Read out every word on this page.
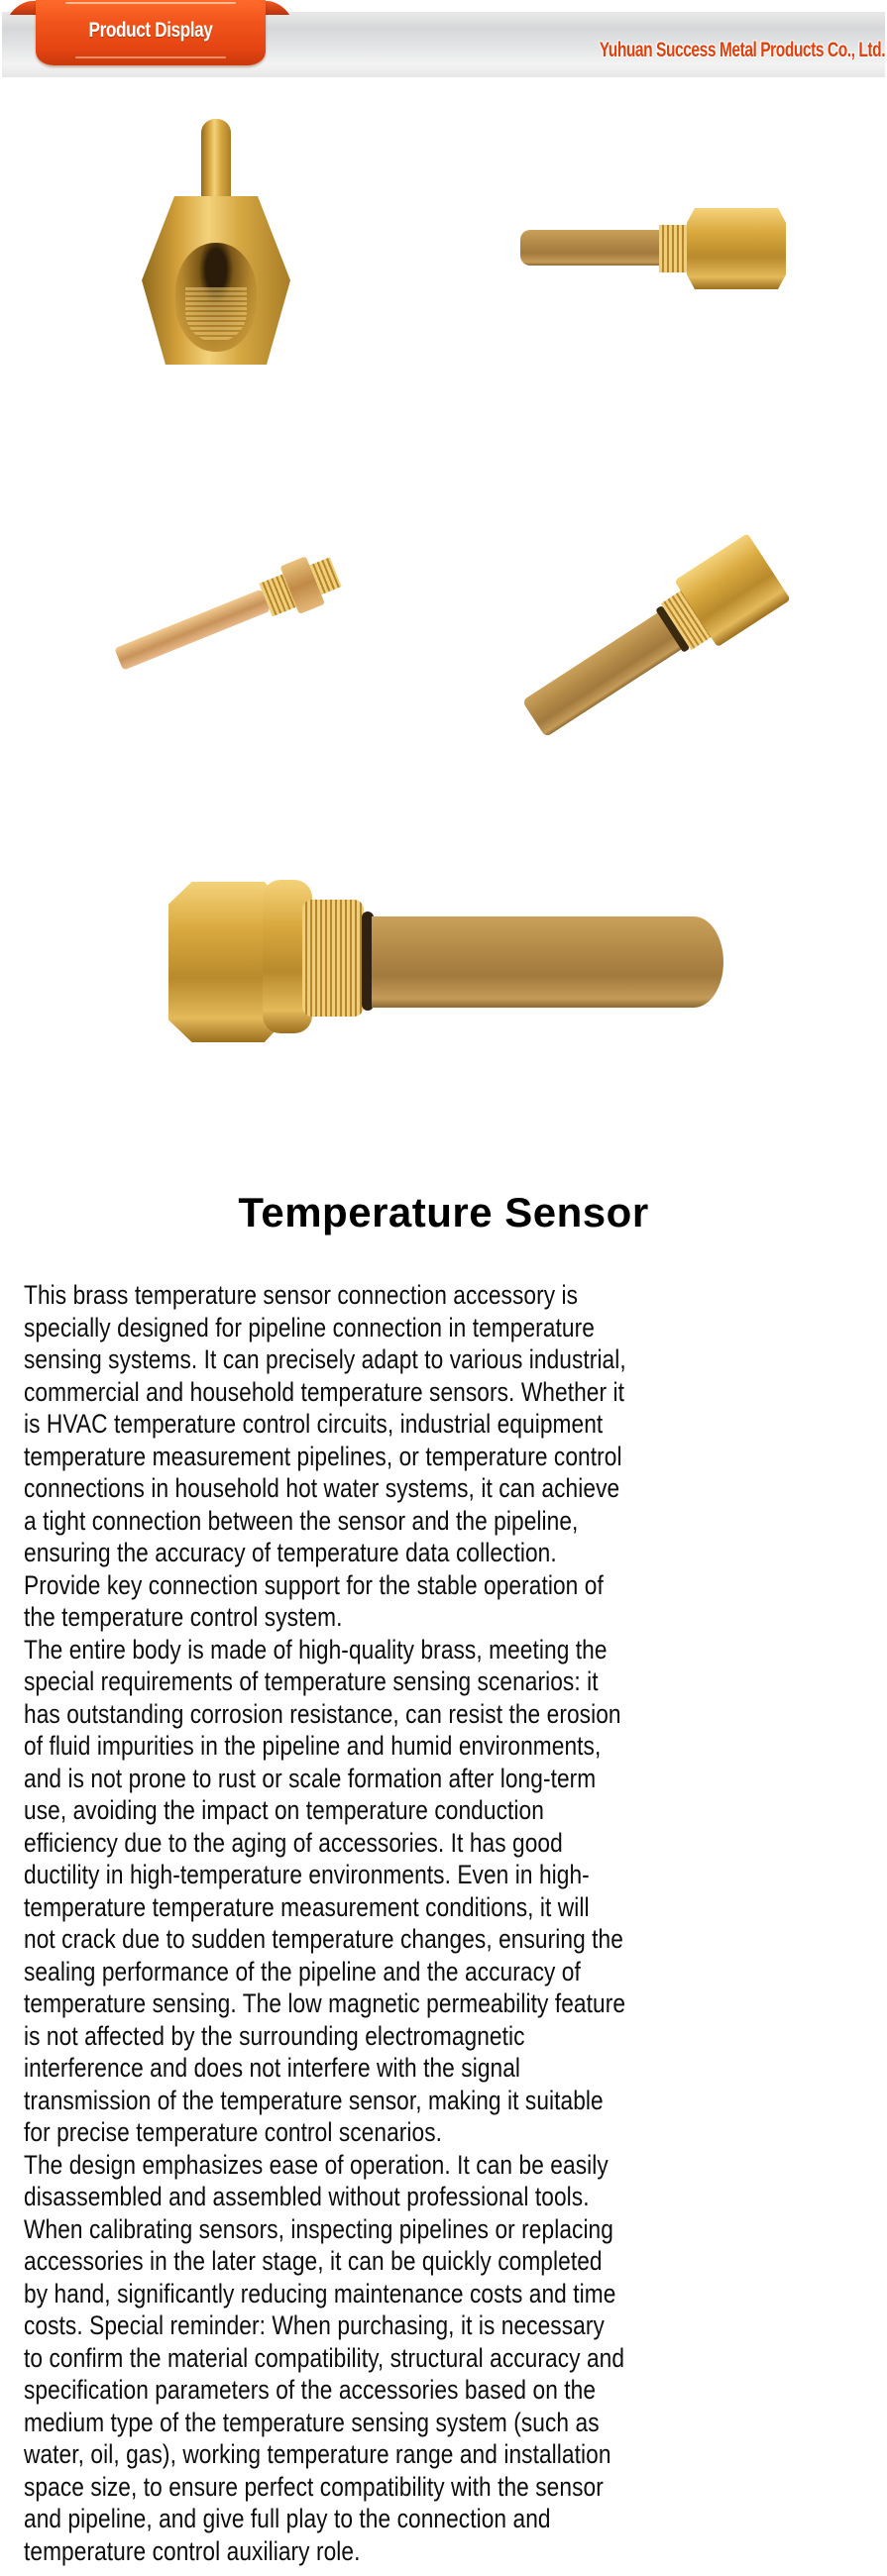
Product Display
Yuhuan Success Metal Products Co., Ltd.
Temperature Sensor
This brass temperature sensor connection accessory is
specially designed for pipeline connection in temperature
sensing systems. It can precisely adapt to various industrial,
commercial and household temperature sensors. Whether it
is HVAC temperature control circuits, industrial equipment
temperature measurement pipelines, or temperature control
connections in household hot water systems, it can achieve
a tight connection between the sensor and the pipeline,
ensuring the accuracy of temperature data collection.
Provide key connection support for the stable operation of
the temperature control system.
The entire body is made of high-quality brass, meeting the
special requirements of temperature sensing scenarios: it
has outstanding corrosion resistance, can resist the erosion
of fluid impurities in the pipeline and humid environments,
and is not prone to rust or scale formation after long-term
use, avoiding the impact on temperature conduction
efficiency due to the aging of accessories. It has good
ductility in high-temperature environments. Even in high-
temperature temperature measurement conditions, it will
not crack due to sudden temperature changes, ensuring the
sealing performance of the pipeline and the accuracy of
temperature sensing. The low magnetic permeability feature
is not affected by the surrounding electromagnetic
interference and does not interfere with the signal
transmission of the temperature sensor, making it suitable
for precise temperature control scenarios.
The design emphasizes ease of operation. It can be easily
disassembled and assembled without professional tools.
When calibrating sensors, inspecting pipelines or replacing
accessories in the later stage, it can be quickly completed
by hand, significantly reducing maintenance costs and time
costs. Special reminder: When purchasing, it is necessary
to confirm the material compatibility, structural accuracy and
specification parameters of the accessories based on the
medium type of the temperature sensing system (such as
water, oil, gas), working temperature range and installation
space size, to ensure perfect compatibility with the sensor
and pipeline, and give full play to the connection and
temperature control auxiliary role.
